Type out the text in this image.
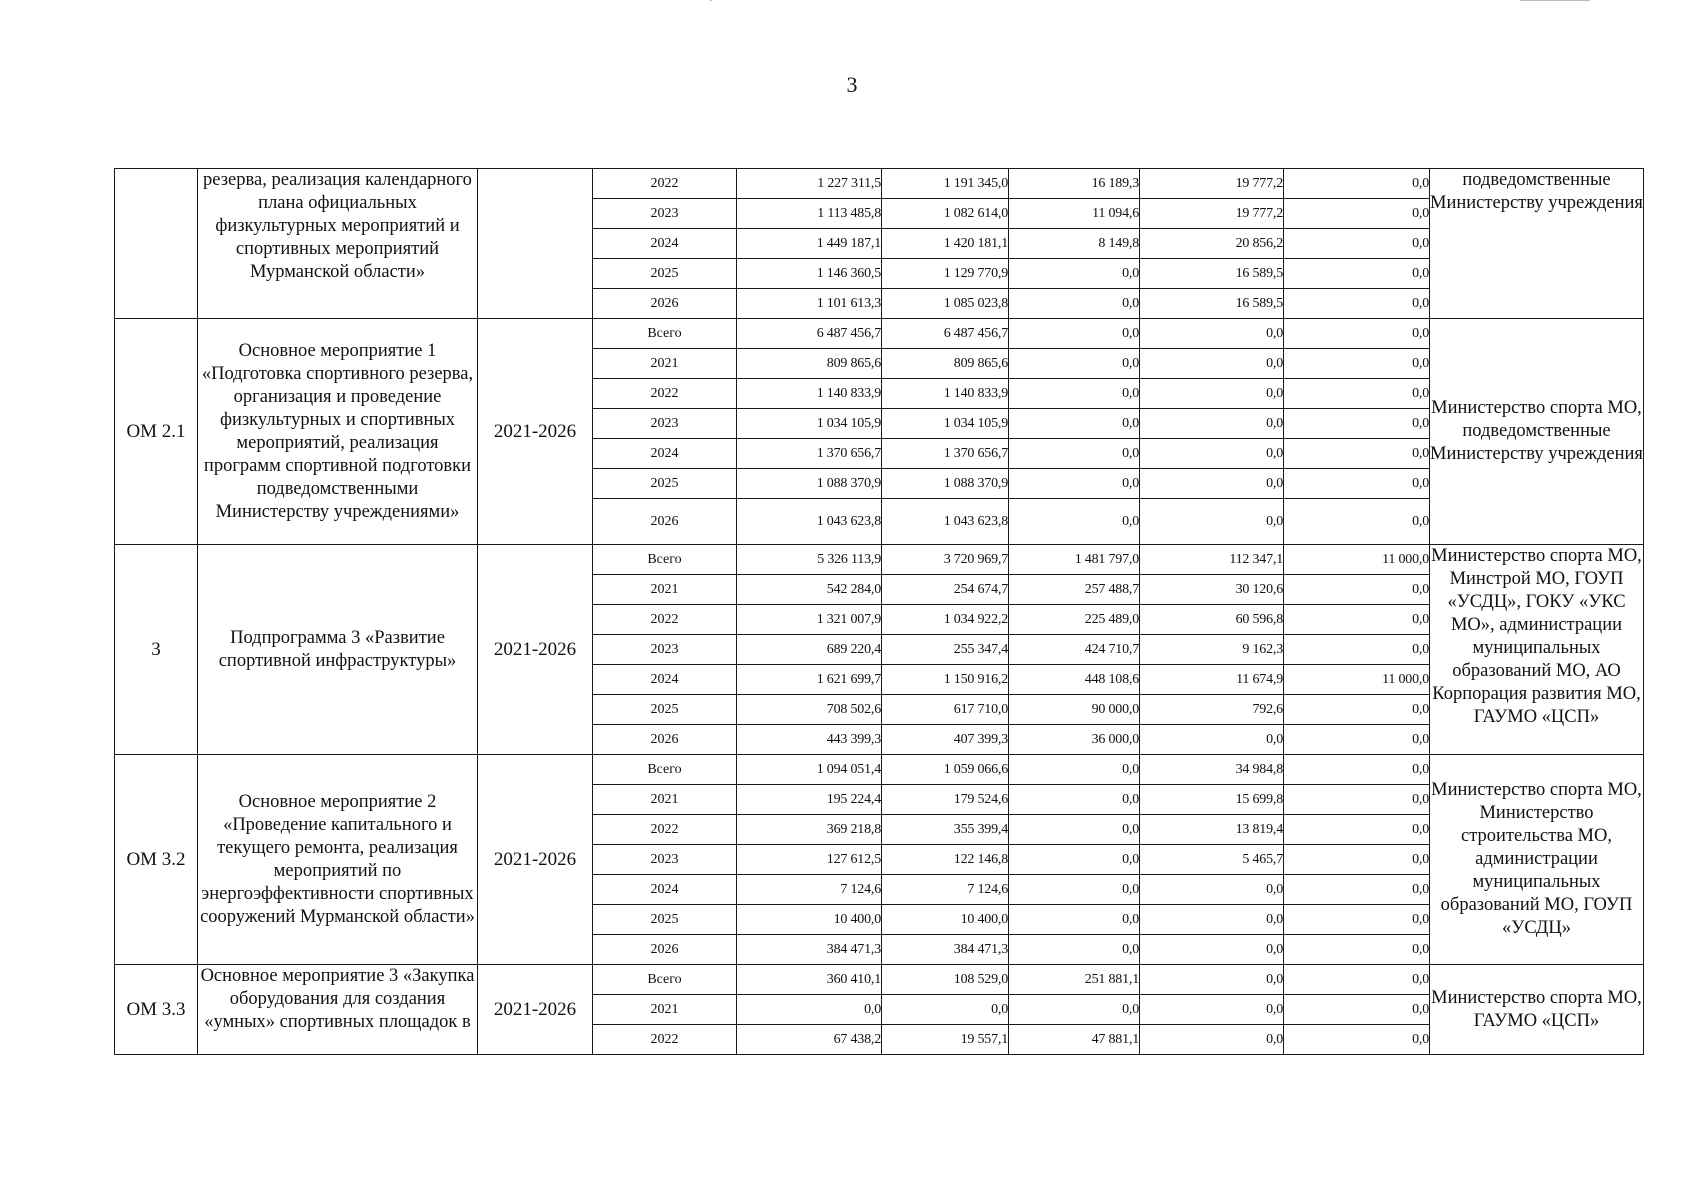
3
	резерва, реализация календарного плана официальных физкультурных мероприятий и спортивных мероприятий Мурманской области»		2022	1 227 311,5	1 191 345,0	16 189,3	19 777,2	0,0	подведомственные Министерству учреждения
			2023	1 113 485,8	1 082 614,0	11 094,6	19 777,2	0,0	
			2024	1 449 187,1	1 420 181,1	8 149,8	20 856,2	0,0	
			2025	1 146 360,5	1 129 770,9	0,0	16 589,5	0,0	
			2026	1 101 613,3	1 085 023,8	0,0	16 589,5	0,0	
ОМ 2.1	Основное мероприятие 1 «Подготовка спортивного резерва, организация и проведение физкультурных и спортивных мероприятий, реализация программ спортивной подготовки подведомственными Министерству учреждениями»	2021-2026	Всего	6 487 456,7	6 487 456,7	0,0	0,0	0,0	Министерство спорта МО, подведомственные Министерству учреждения
			2021	809 865,6	809 865,6	0,0	0,0	0,0	
			2022	1 140 833,9	1 140 833,9	0,0	0,0	0,0	
			2023	1 034 105,9	1 034 105,9	0,0	0,0	0,0	
			2024	1 370 656,7	1 370 656,7	0,0	0,0	0,0	
			2025	1 088 370,9	1 088 370,9	0,0	0,0	0,0	
			2026	1 043 623,8	1 043 623,8	0,0	0,0	0,0	
3	Подпрограмма 3 «Развитие спортивной инфраструктуры»	2021-2026	Всего	5 326 113,9	3 720 969,7	1 481 797,0	112 347,1	11 000,0	Министерство спорта МО, Минстрой МО, ГОУП «УСДЦ», ГОКУ «УКС МО», администрации муниципальных образований МО, АО Корпорация развития МО, ГАУМО «ЦСП»
			2021	542 284,0	254 674,7	257 488,7	30 120,6	0,0	
			2022	1 321 007,9	1 034 922,2	225 489,0	60 596,8	0,0	
			2023	689 220,4	255 347,4	424 710,7	9 162,3	0,0	
			2024	1 621 699,7	1 150 916,2	448 108,6	11 674,9	11 000,0	
			2025	708 502,6	617 710,0	90 000,0	792,6	0,0	
			2026	443 399,3	407 399,3	36 000,0	0,0	0,0	
ОМ 3.2	Основное мероприятие 2 «Проведение капитального и текущего ремонта, реализация мероприятий по энергоэффективности спортивных сооружений Мурманской области»	2021-2026	Всего	1 094 051,4	1 059 066,6	0,0	34 984,8	0,0	Министерство спорта МО, Министерство строительства МО, администрации муниципальных образований МО, ГОУП «УСДЦ»
			2021	195 224,4	179 524,6	0,0	15 699,8	0,0	
			2022	369 218,8	355 399,4	0,0	13 819,4	0,0	
			2023	127 612,5	122 146,8	0,0	5 465,7	0,0	
			2024	7 124,6	7 124,6	0,0	0,0	0,0	
			2025	10 400,0	10 400,0	0,0	0,0	0,0	
			2026	384 471,3	384 471,3	0,0	0,0	0,0	
ОМ 3.3	Основное мероприятие 3 «Закупка оборудования для создания «умных» спортивных площадок в	2021-2026	Всего	360 410,1	108 529,0	251 881,1	0,0	0,0	Министерство спорта МО, ГАУМО «ЦСП»
			2021	0,0	0,0	0,0	0,0	0,0	
			2022	67 438,2	19 557,1	47 881,1	0,0	0,0	
